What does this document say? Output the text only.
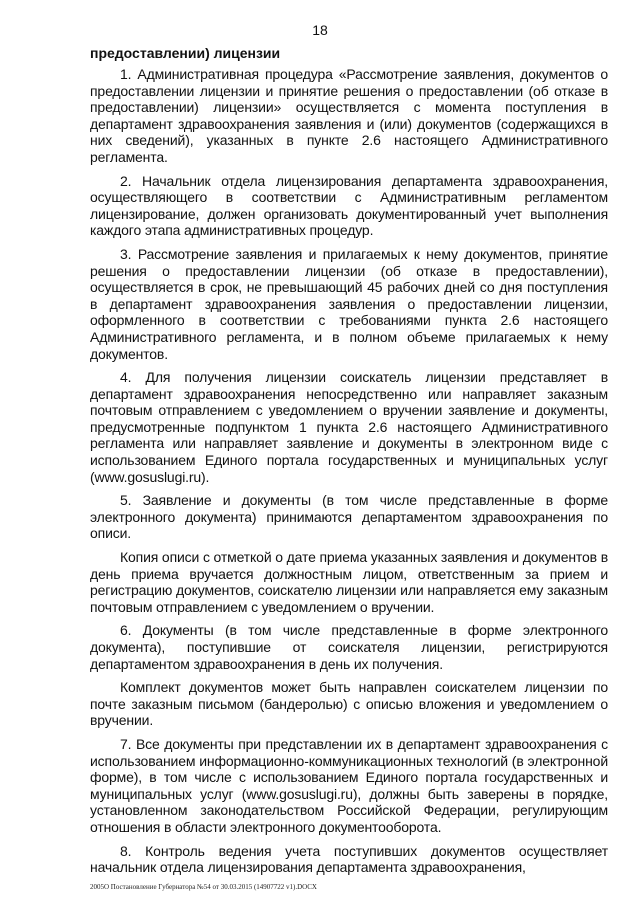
18
предоставлении) лицензии

1. Административная процедура «Рассмотрение заявления, документов о предоставлении лицензии и принятие решения о предоставлении (об отказе в предоставлении) лицензии» осуществляется с момента поступления в департамент здравоохранения заявления и (или) документов (содержащихся в них сведений), указанных в пункте 2.6 настоящего Административного регламента.

2. Начальник отдела лицензирования департамента здравоохранения, осуществляющего в соответствии с Административным регламентом лицензирование, должен организовать документированный учет выполнения каждого этапа административных процедур.

3. Рассмотрение заявления и прилагаемых к нему документов, принятие решения о предоставлении лицензии (об отказе в предоставлении), осуществляется в срок, не превышающий 45 рабочих дней со дня поступления в департамент здравоохранения заявления о предоставлении лицензии, оформленного в соответствии с требованиями пункта 2.6 настоящего Административного регламента, и в полном объеме прилагаемых к нему документов.

4. Для получения лицензии соискатель лицензии представляет в департамент здравоохранения непосредственно или направляет заказным почтовым отправлением с уведомлением о вручении заявление и документы, предусмотренные подпунктом 1 пункта 2.6 настоящего Административного регламента или направляет заявление и документы в электронном виде с использованием Единого портала государственных и муниципальных услуг (www.gosuslugi.ru).

5. Заявление и документы (в том числе представленные в форме электронного документа) принимаются департаментом здравоохранения по описи.

Копия описи с отметкой о дате приема указанных заявления и документов в день приема вручается должностным лицом, ответственным за прием и регистрацию документов, соискателю лицензии или направляется ему заказным почтовым отправлением с уведомлением о вручении.

6. Документы (в том числе представленные в форме электронного документа), поступившие от соискателя лицензии, регистрируются департаментом здравоохранения в день их получения.

Комплект документов может быть направлен соискателем лицензии по почте заказным письмом (бандеролью) с описью вложения и уведомлением о вручении.

7. Все документы при представлении их в департамент здравоохранения с использованием информационно-коммуникационных технологий (в электронной форме), в том числе с использованием Единого портала государственных и муниципальных услуг (www.gosuslugi.ru), должны быть заверены в порядке, установленном законодательством Российской Федерации, регулирующим отношения в области электронного документооборота.

8. Контроль ведения учета поступивших документов осуществляет начальник отдела лицензирования департамента здравоохранения,

2005О Постановление Губернатора №54 от 30.03.2015 (14907722 v1).DOCX
